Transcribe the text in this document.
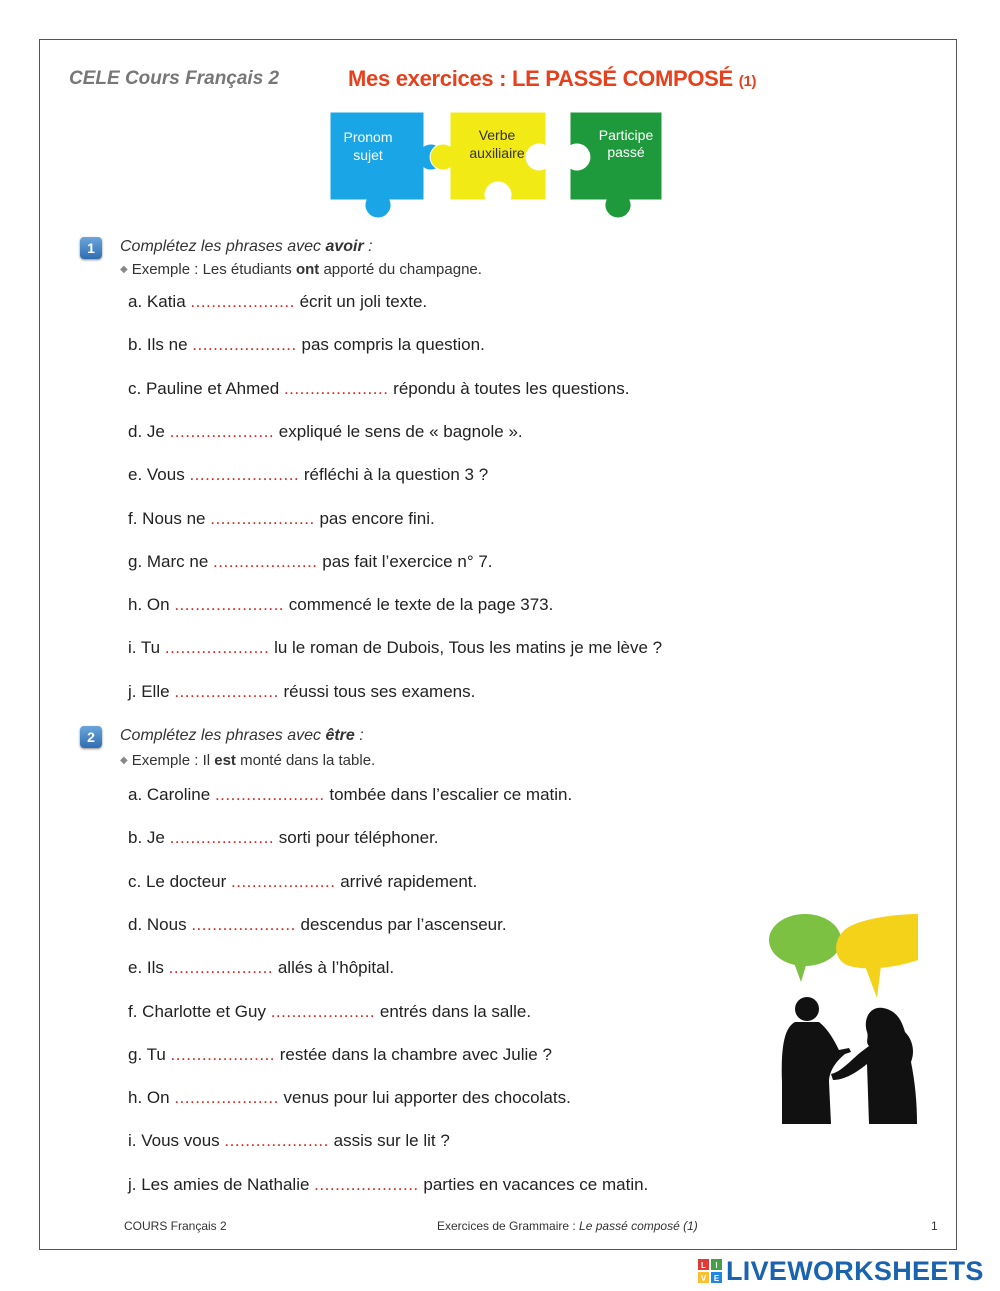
CELE Cours Français 2	Mes exercices : LE PASSÉ COMPOSÉ (1)
Pronom
sujet
Verbe
auxiliaire
Participe
passé
1	Complétez les phrases avec avoir :
◆ Exemple : Les étudiants ont apporté du champagne.
a. Katia .................... écrit un joli texte.
b. Ils ne .................... pas compris la question.
c. Pauline et Ahmed .................... répondu à toutes les questions.
d. Je .................... expliqué le sens de « bagnole ».
e. Vous ..................... réfléchi à la question 3 ?
f. Nous ne .................... pas encore fini.
g. Marc ne .................... pas fait l’exercice n° 7.
h. On ..................... commencé le texte de la page 373.
i. Tu .................... lu le roman de Dubois, Tous les matins je me lève ?
j. Elle .................... réussi tous ses examens.
2	Complétez les phrases avec être :
◆ Exemple : Il est monté dans la table.
a. Caroline ..................... tombée dans l’escalier ce matin.
b. Je .................... sorti pour téléphoner.
c. Le docteur .................... arrivé rapidement.
d. Nous .................... descendus par l’ascenseur.
e. Ils .................... allés à l’hôpital.
f. Charlotte et Guy .................... entrés dans la salle.
g. Tu .................... restée dans la chambre avec Julie ?
h. On .................... venus pour lui apporter des chocolats.
i. Vous vous .................... assis sur le lit ?
j. Les amies de Nathalie .................... parties en vacances ce matin.
COURS Français 2	Exercices de Grammaire : Le passé composé (1)	1
L I
V E LIVEWORKSHEETS
